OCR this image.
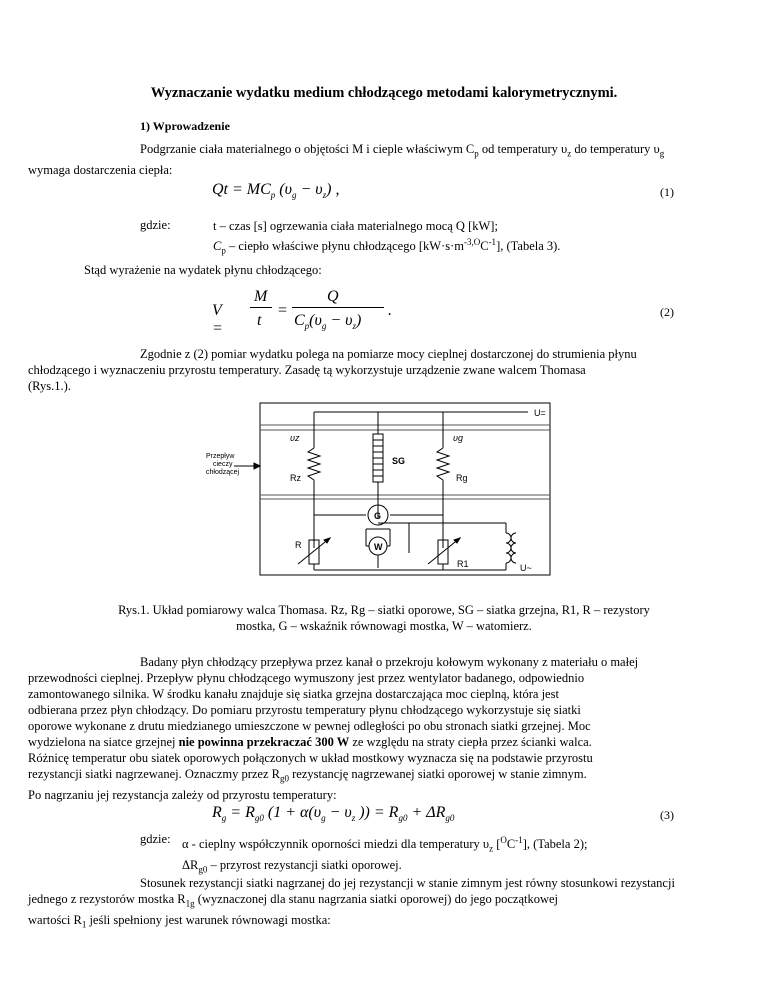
Wyznaczanie wydatku medium chłodzącego metodami kalorymetrycznymi.
1) Wprowadzenie
Podgrzanie ciała materialnego o objętości M i cieple właściwym $C_p$ od temperatury $\upsilon_z$ do temperatury $\upsilon_g$
wymaga dostarczenia ciepła:
$Qt = MC_p$ $(\upsilon_g - \upsilon_z)$ ,	(1)
gdzie:	t – czas [s] ogrzewania ciała materialnego mocą Q [kW];
$C_p$ – ciepło właściwe płynu chłodzącego $[kW\cdot s\cdot m^{-3,O}C^{-1}]$, (Tabela 3).
Stąd wyrażenie na wydatek płynu chłodzącego:
V =
M
t
=
Q
$C_p(\upsilon_g - \upsilon_z)$
.	(2)
Zgodnie z (2) pomiar wydatku polega na pomiarze mocy cieplnej dostarczonej do strumienia płynu
chłodzącego i wyznaczeniu przyrostu temperatury. Zasadę tą wykorzystuje urządzenie zwane walcem Thomasa
(Rys.1.).
U=
U~
υz	υg
SG
Rz	Rg
G
W
R
R1
Przepływ
cieczy
chłodzącej
Rys.1. Układ pomiarowy walca Thomasa. Rz, Rg – siatki oporowe, SG – siatka grzejna, R1, R – rezystory
mostka, G – wskaźnik równowagi mostka, W – watomierz.
Badany płyn chłodzący przepływa przez kanał o przekroju kołowym wykonany z materiału o małej
przewodności cieplnej. Przepływ płynu chłodzącego wymuszony jest przez wentylator badanego, odpowiednio
zamontowanego silnika. W środku kanału znajduje się siatka grzejna dostarczająca moc cieplną, która jest
odbierana przez płyn chłodzący. Do pomiaru przyrostu temperatury płynu chłodzącego wykorzystuje się siatki
oporowe wykonane z drutu miedzianego umieszczone w pewnej odległości po obu stronach siatki grzejnej. Moc
wydzielona na siatce grzejnej nie powinna przekraczać 300 W ze względu na straty ciepła przez ścianki walca.
Różnicę temperatur obu siatek oporowych połączonych w układ mostkowy wyznacza się na podstawie przyrostu
rezystancji siatki nagrzewanej. Oznaczmy przez $R_{g0}$ rezystancję nagrzewanej siatki oporowej w stanie zimnym.
Po nagrzaniu jej rezystancja zależy od przyrostu temperatury:
$R_g = R_{g0}$ ($1 + \alpha(\upsilon_g - \upsilon_z$ )) = $R_{g0} + \Delta R_{g0}$	(3)
gdzie: α - cieplny współczynnik oporności miedzi dla temperatury $\upsilon_z$ $[^OC^{-1}]$, (Tabela 2);
$\Delta R_{g0}$ – przyrost rezystancji siatki oporowej.
Stosunek rezystancji siatki nagrzanej do jej rezystancji w stanie zimnym jest równy stosunkowi rezystancji
jednego z rezystorów mostka $R_{1g}$ (wyznaczonej dla stanu nagrzania siatki oporowej) do jego początkowej
wartości $R_1$ jeśli spełniony jest warunek równowagi mostka:
